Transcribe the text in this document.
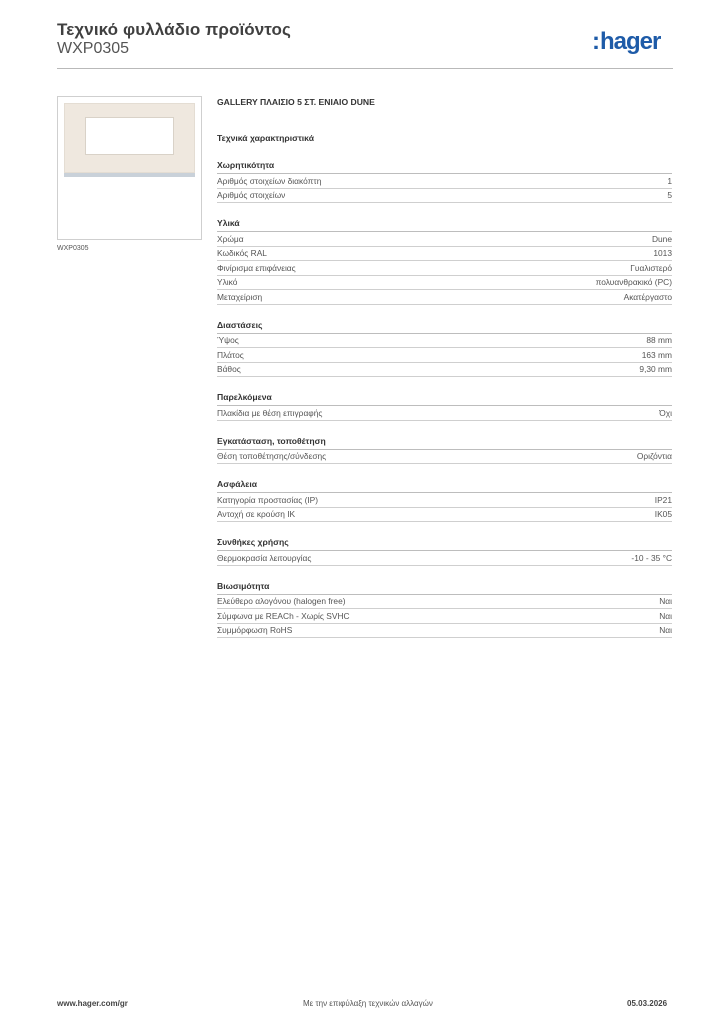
Τεχνικό φυλλάδιο προϊόντος
WXP0305	:hager
WXP0305
GALLERY ΠΛΑΙΣΙΟ 5 ΣΤ. ΕΝΙΑΙΟ DUNE
Τεχνικά χαρακτηριστικά
Χωρητικότητα
Αριθμός στοιχείων διακόπτη	1
Αριθμός στοιχείων	5
Υλικά
Χρώμα	Dune
Κωδικός RAL	1013
Φινίρισμα επιφάνειας	Γυαλιστερό
Υλικό	πολυανθρακικό (PC)
Μεταχείριση	Ακατέργαστο
Διαστάσεις
Ύψος	88 mm
Πλάτος	163 mm
Βάθος	9,30 mm
Παρελκόμενα
Πλακίδια με θέση επιγραφής	Όχι
Εγκατάσταση, τοποθέτηση
Θέση τοποθέτησης/σύνδεσης	Οριζόντια
Ασφάλεια
Κατηγορία προστασίας (IP)	IP21
Αντοχή σε κρούση IK	IK05
Συνθήκες χρήσης
Θερμοκρασία λειτουργίας	-10 - 35 °C
Βιωσιμότητα
Ελεύθερο αλογόνου (halogen free)	Ναι
Σύμφωνα με REACh - Χωρίς SVHC	Ναι
Συμμόρφωση RoHS	Ναι
www.hager.com/gr	Με την επιφύλαξη τεχνικών αλλαγών	05.03.2026
